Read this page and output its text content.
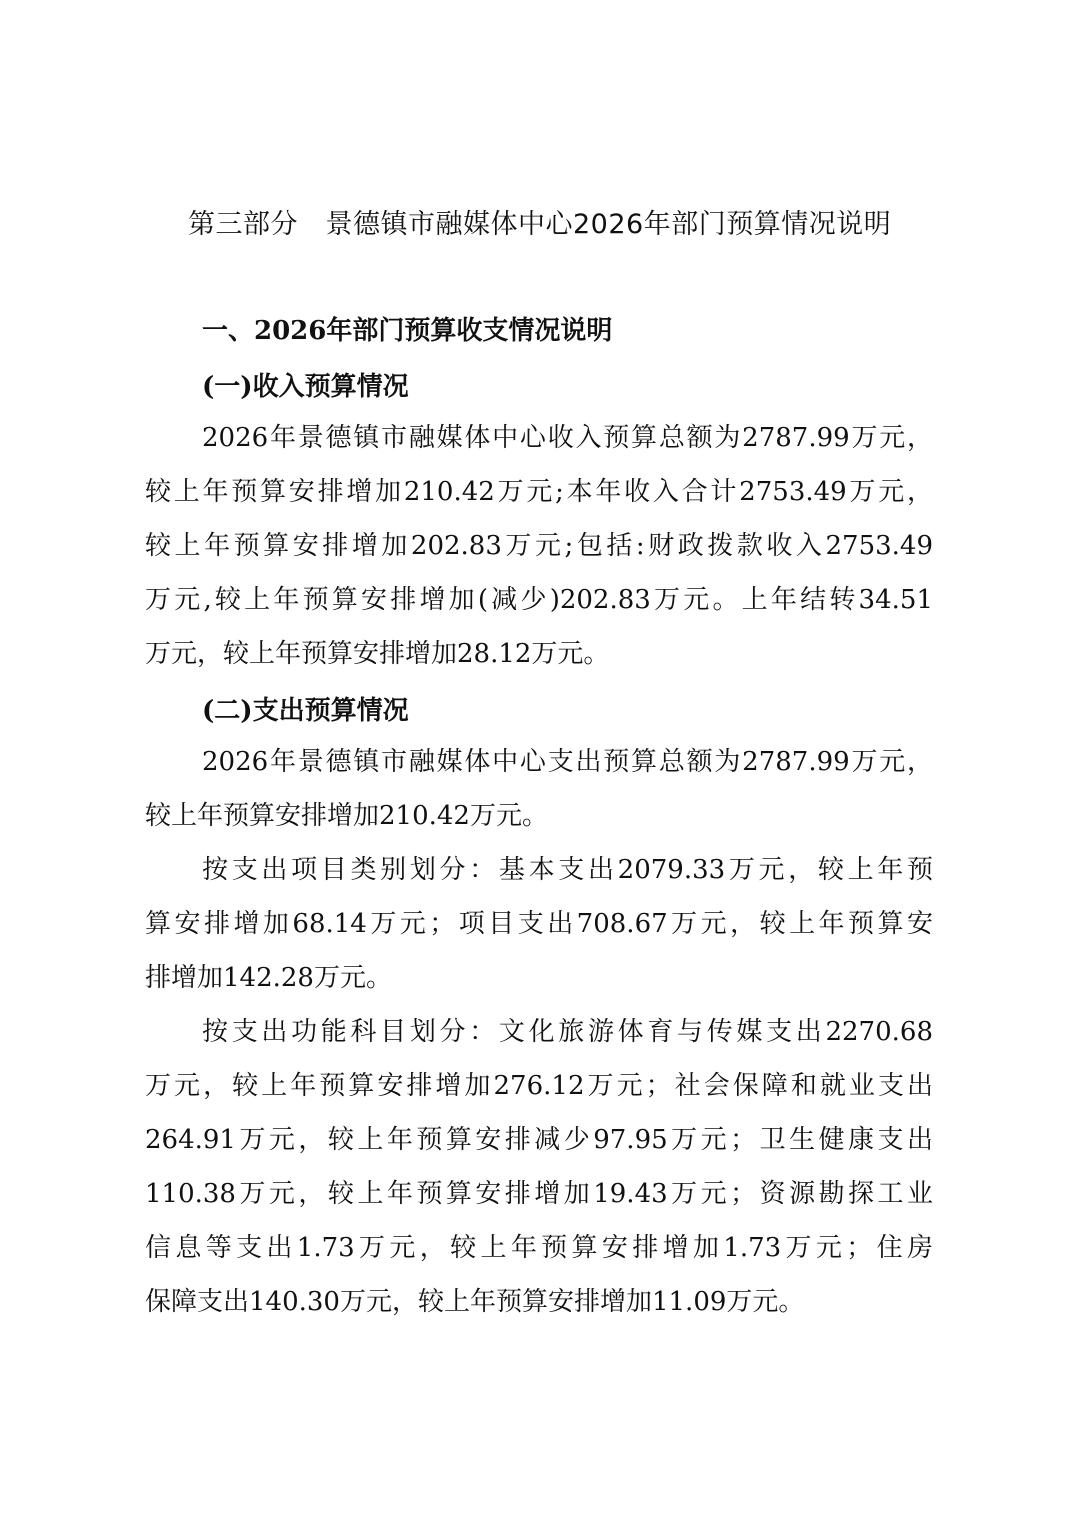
第三部分　景德镇市融媒体中心2026年部门预算情况说明
一、2026年部门预算收支情况说明
(一)收入预算情况
2026年景德镇市融媒体中心收入预算总额为2787.99万元，
较上年预算安排增加210.42万元;本年收入合计2753.49万元，
较上年预算安排增加202.83万元;包括:财政拨款收入2753.49
万元,较上年预算安排增加(减少)202.83万元。上年结转34.51
万元，较上年预算安排增加28.12万元。
(二)支出预算情况
2026年景德镇市融媒体中心支出预算总额为2787.99万元，
较上年预算安排增加210.42万元。
按支出项目类别划分：基本支出2079.33万元，较上年预
算安排增加68.14万元；项目支出708.67万元，较上年预算安
排增加142.28万元。
按支出功能科目划分：文化旅游体育与传媒支出2270.68
万元，较上年预算安排增加276.12万元；社会保障和就业支出
264.91万元，较上年预算安排减少97.95万元；卫生健康支出
110.38万元，较上年预算安排增加19.43万元；资源勘探工业
信息等支出1.73万元，较上年预算安排增加1.73万元；住房
保障支出140.30万元，较上年预算安排增加11.09万元。
